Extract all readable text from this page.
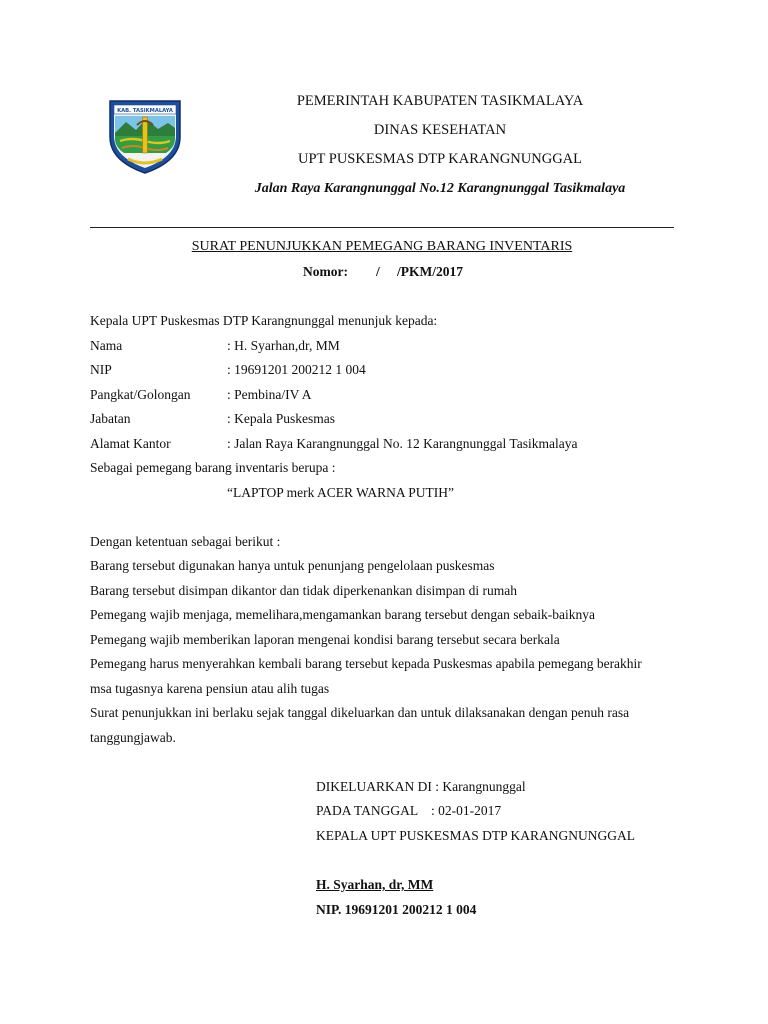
KAB. TASIKMALAYA
PEMERINTAH KABUPATEN TASIKMALAYA
DINAS KESEHATAN
UPT PUSKESMAS DTP KARANGNUNGGAL
Jalan Raya Karangnunggal No.12 Karangnunggal Tasikmalaya
SURAT PENUNJUKKAN PEMEGANG BARANG INVENTARIS
Nomor: / /PKM/2017
Kepala UPT Puskesmas DTP Karangnunggal menunjuk kepada:
Nama	: H. Syarhan,dr, MM
NIP	: 19691201 200212 1 004
Pangkat/Golongan	: Pembina/IV A
Jabatan	: Kepala Puskesmas
Alamat Kantor	: Jalan Raya Karangnunggal No. 12 Karangnunggal Tasikmalaya
Sebagai pemegang barang inventaris berupa :
“LAPTOP merk ACER WARNA PUTIH”
Dengan ketentuan sebagai berikut :
Barang tersebut digunakan hanya untuk penunjang pengelolaan puskesmas
Barang tersebut disimpan dikantor dan tidak diperkenankan disimpan di rumah
Pemegang wajib menjaga, memelihara,mengamankan barang tersebut dengan sebaik-baiknya
Pemegang wajib memberikan laporan mengenai kondisi barang tersebut secara berkala
Pemegang harus menyerahkan kembali barang tersebut kepada Puskesmas apabila pemegang berakhir
msa tugasnya karena pensiun atau alih tugas
Surat penunjukkan ini berlaku sejak tanggal dikeluarkan dan untuk dilaksanakan dengan penuh rasa
tanggungjawab.
DIKELUARKAN DI : Karangnunggal
PADA TANGGAL    : 02-01-2017
KEPALA UPT PUSKESMAS DTP KARANGNUNGGAL
H. Syarhan, dr, MM
NIP. 19691201 200212 1 004
